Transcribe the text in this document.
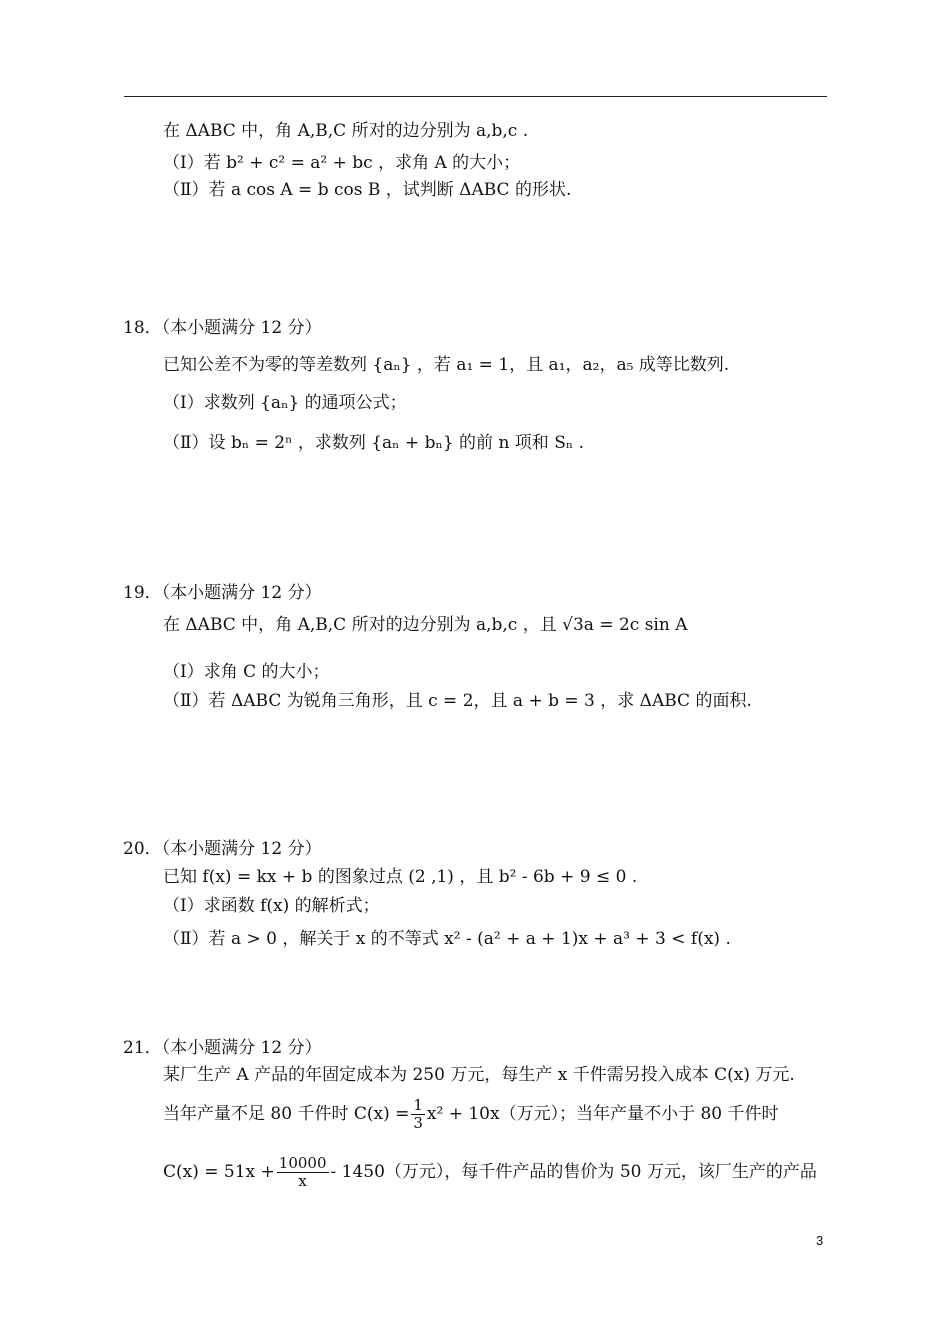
在 ΔABC 中，角 A,B,C 所对的边分别为 a,b,c .
（Ⅰ）若 b² + c² = a² + bc ，求角 A 的大小；
（Ⅱ）若 a cos A = b cos B ，试判断 ΔABC 的形状.
18．（本小题满分 12 分）
已知公差不为零的等差数列 {aₙ} ，若 a₁ = 1，且 a₁，a₂，a₅ 成等比数列.
（Ⅰ）求数列 {aₙ} 的通项公式；
（Ⅱ）设 bₙ = 2ⁿ ，求数列 {aₙ + bₙ} 的前 n 项和 Sₙ .
19．（本小题满分 12 分）
在 ΔABC 中，角 A,B,C 所对的边分别为 a,b,c ，且 √3a = 2c sin A
（Ⅰ）求角 C 的大小；
（Ⅱ）若 ΔABC 为锐角三角形，且 c = 2，且 a + b = 3 ，求 ΔABC 的面积.
20．（本小题满分 12 分）
已知 f(x) = kx + b 的图象过点 (2 ,1) ，且 b² - 6b + 9 ≤ 0 .
（Ⅰ）求函数 f(x) 的解析式；
（Ⅱ）若 a > 0 ，解关于 x 的不等式 x² - (a² + a + 1)x + a³ + 3 < f(x) .
21．（本小题满分 12 分）
某厂生产 A 产品的年固定成本为 250 万元，每生产 x 千件需另投入成本 C(x) 万元.
当年产量不足 80 千件时 $C(x) = \frac{1}{3} x^2 + 10x$（万元）；当年产量不小于 80 千件时
$C(x) = 51x + \frac{10000}{x} - 1450$（万元），每千件产品的售价为 50 万元，该厂生产的产品
3
